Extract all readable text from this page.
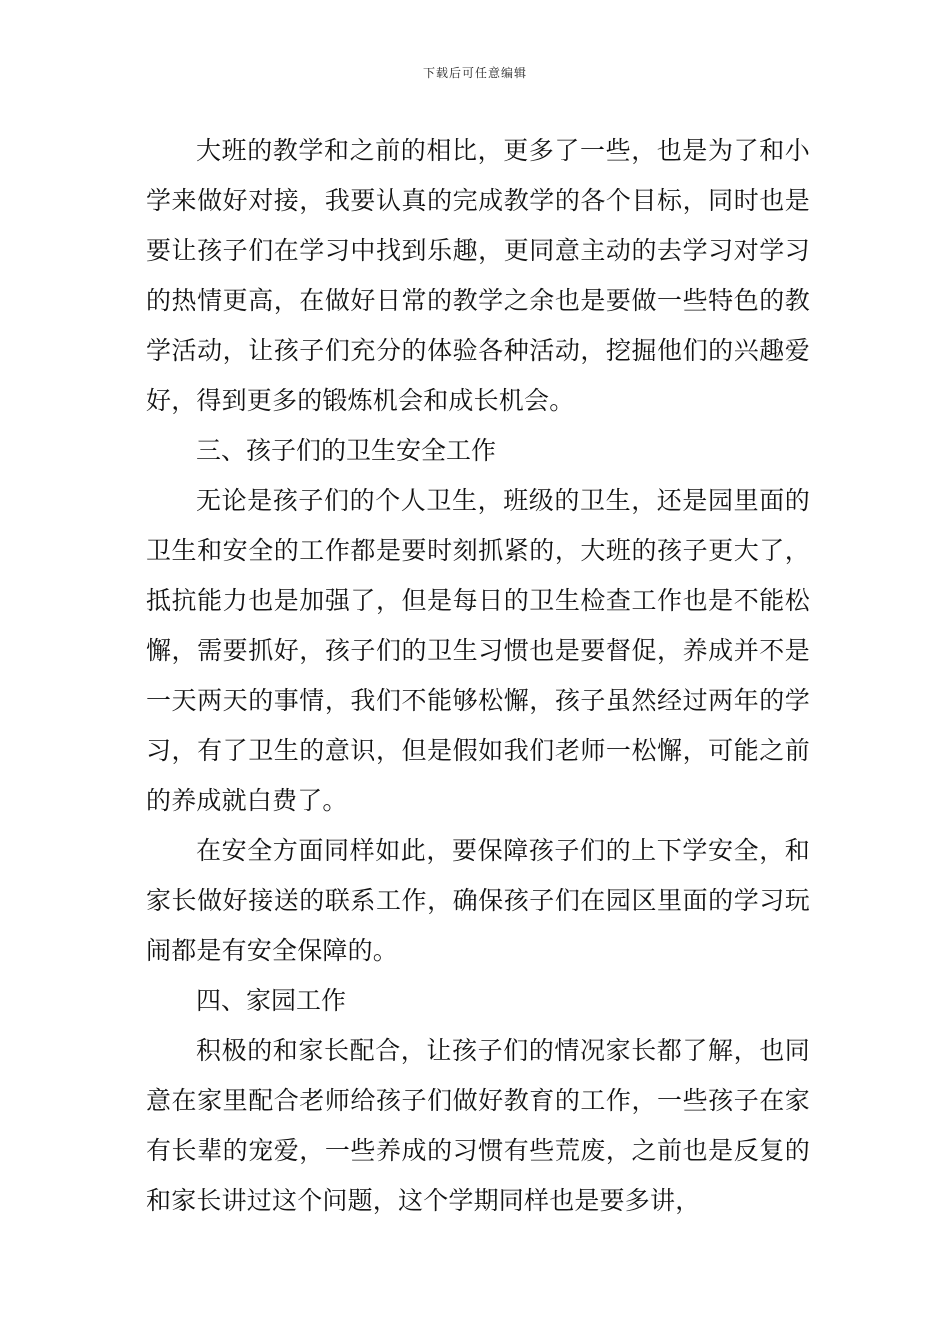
下载后可任意编辑

大班的教学和之前的相比，更多了一些，也是为了和小学来做好对接，我要认真的完成教学的各个目标，同时也是要让孩子们在学习中找到乐趣，更同意主动的去学习对学习的热情更高，在做好日常的教学之余也是要做一些特色的教学活动，让孩子们充分的体验各种活动，挖掘他们的兴趣爱好，得到更多的锻炼机会和成长机会。

三、孩子们的卫生安全工作

无论是孩子们的个人卫生，班级的卫生，还是园里面的卫生和安全的工作都是要时刻抓紧的，大班的孩子更大了，抵抗能力也是加强了，但是每日的卫生检查工作也是不能松懈，需要抓好，孩子们的卫生习惯也是要督促，养成并不是一天两天的事情，我们不能够松懈，孩子虽然经过两年的学习，有了卫生的意识，但是假如我们老师一松懈，可能之前的养成就白费了。

在安全方面同样如此，要保障孩子们的上下学安全，和家长做好接送的联系工作，确保孩子们在园区里面的学习玩闹都是有安全保障的。

四、家园工作

积极的和家长配合，让孩子们的情况家长都了解，也同意在家里配合老师给孩子们做好教育的工作，一些孩子在家有长辈的宠爱，一些养成的习惯有些荒废，之前也是反复的和家长讲过这个问题，这个学期同样也是要多讲，
